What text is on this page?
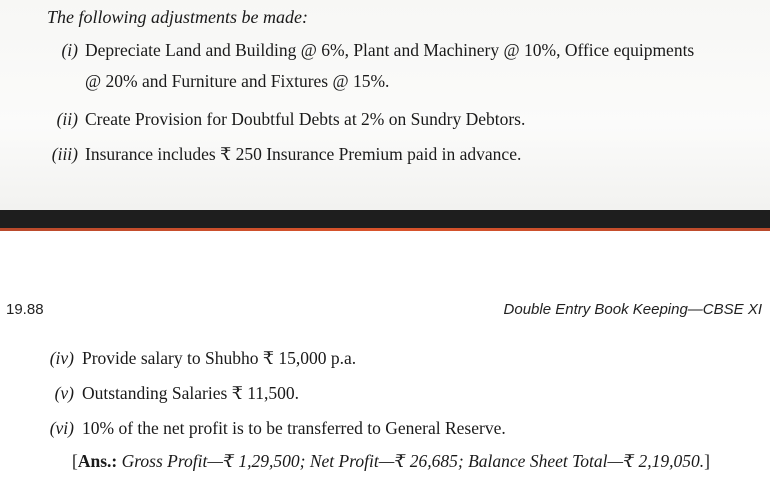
The following adjustments be made:
(i) Depreciate Land and Building @ 6%, Plant and Machinery @ 10%, Office equipments
@ 20% and Furniture and Fixtures @ 15%.
(ii) Create Provision for Doubtful Debts at 2% on Sundry Debtors.
(iii) Insurance includes ₹ 250 Insurance Premium paid in advance.
19.88	Double Entry Book Keeping—CBSE XI
(iv) Provide salary to Shubho ₹ 15,000 p.a.
(v) Outstanding Salaries ₹ 11,500.
(vi) 10% of the net profit is to be transferred to General Reserve.
[Ans.: Gross Profit—₹ 1,29,500; Net Profit—₹ 26,685; Balance Sheet Total—₹ 2,19,050.]
